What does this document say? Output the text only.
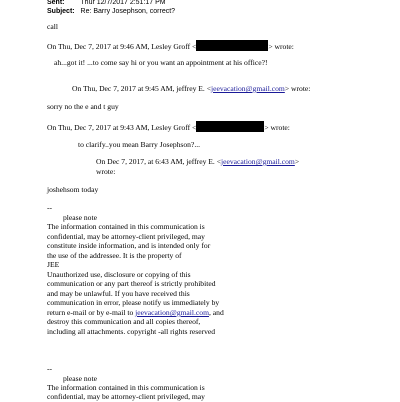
Sent: Thur 12/7/2017 2:51:17 PM
Subject: Re: Barry Josephson, correct?
call
On Thu, Dec 7, 2017 at 9:46 AM, Lesley Groff <	> wrote:
ah...got it! ...to come say hi or you want an appointment at his office?!
On Thu, Dec 7, 2017 at 9:45 AM, jeffrey E. <jeevacation@gmail.com> wrote:
sorry no the e and t guy
On Thu, Dec 7, 2017 at 9:43 AM, Lesley Groff <	> wrote:
to clarify..you mean Barry Josephson?...
On Dec 7, 2017, at 6:43 AM, jeffrey E. <jeevacation@gmail.com>
wrote:
joshehsom today
--
please note
The information contained in this communication is
confidential, may be attorney-client privileged, may
constitute inside information, and is intended only for
the use of the addressee. It is the property of
JEE
Unauthorized use, disclosure or copying of this
communication or any part thereof is strictly prohibited
and may be unlawful. If you have received this
communication in error, please notify us immediately by
return e-mail or by e-mail to jeevacation@gmail.com, and
destroy this communication and all copies thereof,
including all attachments. copyright -all rights reserved
--
please note
The information contained in this communication is
confidential, may be attorney-client privileged, may
